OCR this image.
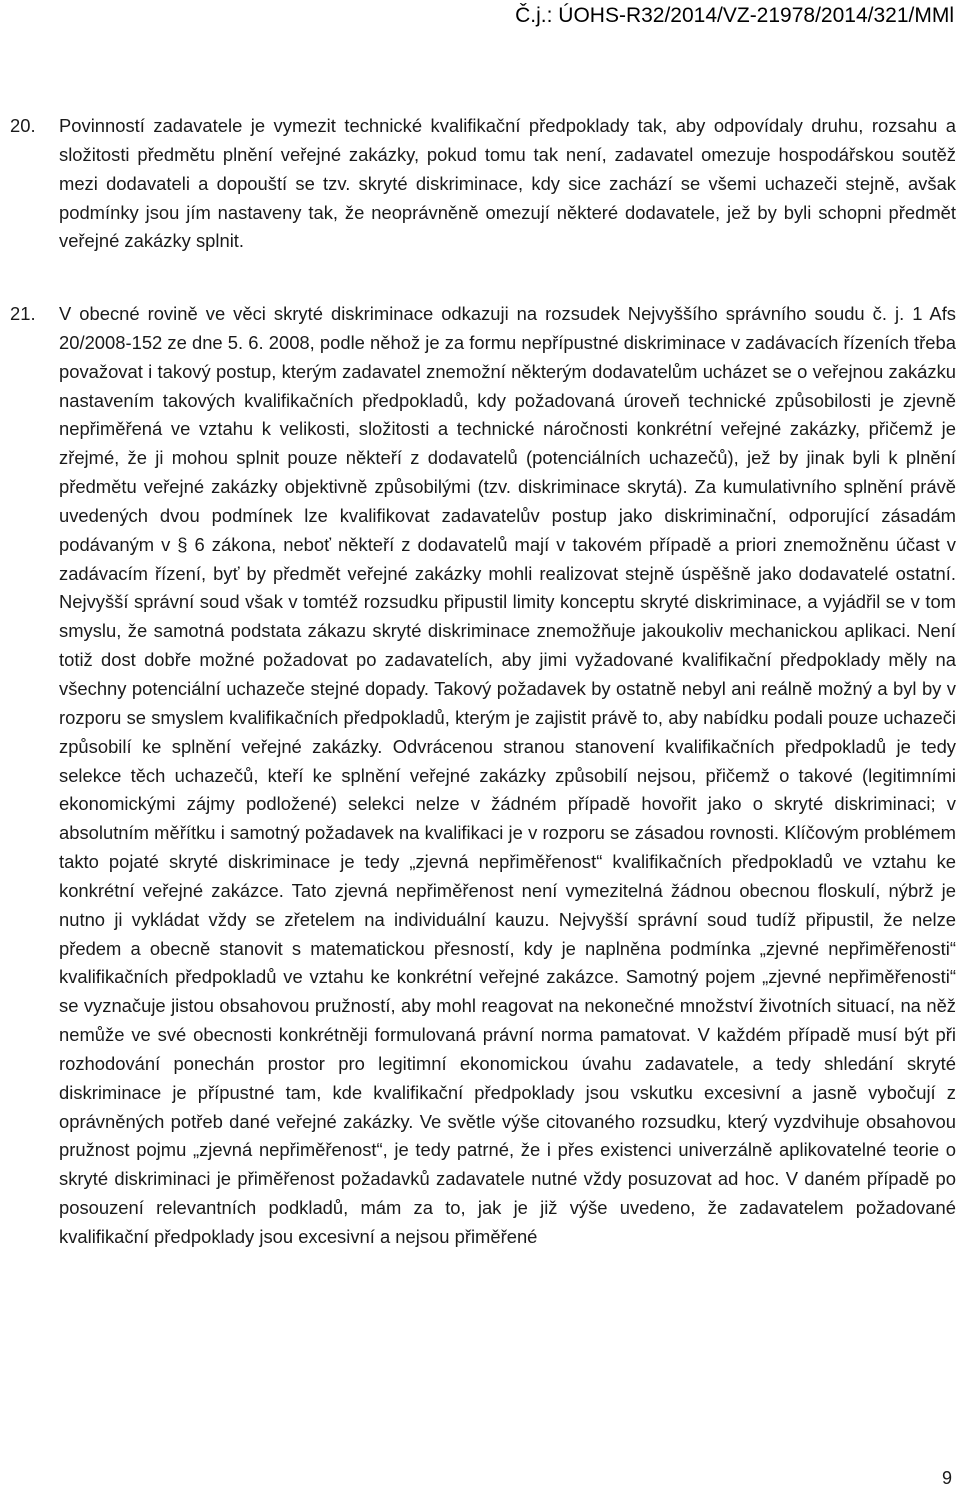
Č.j.: ÚOHS-R32/2014/VZ-21978/2014/321/MMl
20. Povinností zadavatele je vymezit technické kvalifikační předpoklady tak, aby odpovídaly druhu, rozsahu a složitosti předmětu plnění veřejné zakázky, pokud tomu tak není, zadavatel omezuje hospodářskou soutěž mezi dodavateli a dopouští se tzv. skryté diskriminace, kdy sice zachází se všemi uchazeči stejně, avšak podmínky jsou jím nastaveny tak, že neoprávněně omezují některé dodavatele, jež by byli schopni předmět veřejné zakázky splnit.
21. V obecné rovině ve věci skryté diskriminace odkazuji na rozsudek Nejvyššího správního soudu č. j. 1 Afs 20/2008-152 ze dne 5. 6. 2008, podle něhož je za formu nepřípustné diskriminace v zadávacích řízeních třeba považovat i takový postup, kterým zadavatel znemožní některým dodavatelům ucházet se o veřejnou zakázku nastavením takových kvalifikačních předpokladů, kdy požadovaná úroveň technické způsobilosti je zjevně nepřiměřená ve vztahu k velikosti, složitosti a technické náročnosti konkrétní veřejné zakázky, přičemž je zřejmé, že ji mohou splnit pouze někteří z dodavatelů (potenciálních uchazečů), jež by jinak byli k plnění předmětu veřejné zakázky objektivně způsobilými (tzv. diskriminace skrytá). Za kumulativního splnění právě uvedených dvou podmínek lze kvalifikovat zadavatelův postup jako diskriminační, odporující zásadám podávaným v § 6 zákona, neboť někteří z dodavatelů mají v takovém případě a priori znemožněnu účast v zadávacím řízení, byť by předmět veřejné zakázky mohli realizovat stejně úspěšně jako dodavatelé ostatní. Nejvyšší správní soud však v tomtéž rozsudku připustil limity konceptu skryté diskriminace, a vyjádřil se v tom smyslu, že samotná podstata zákazu skryté diskriminace znemožňuje jakoukoliv mechanickou aplikaci. Není totiž dost dobře možné požadovat po zadavatelích, aby jimi vyžadované kvalifikační předpoklady měly na všechny potenciální uchazeče stejné dopady. Takový požadavek by ostatně nebyl ani reálně možný a byl by v rozporu se smyslem kvalifikačních předpokladů, kterým je zajistit právě to, aby nabídku podali pouze uchazeči způsobilí ke splnění veřejné zakázky. Odvrácenou stranou stanovení kvalifikačních předpokladů je tedy selekce těch uchazečů, kteří ke splnění veřejné zakázky způsobilí nejsou, přičemž o takové (legitimními ekonomickými zájmy podložené) selekci nelze v žádném případě hovořit jako o skryté diskriminaci; v absolutním měřítku i samotný požadavek na kvalifikaci je v rozporu se zásadou rovnosti. Klíčovým problémem takto pojaté skryté diskriminace je tedy „zjevná nepřiměřenost“ kvalifikačních předpokladů ve vztahu ke konkrétní veřejné zakázce. Tato zjevná nepřiměřenost není vymezitelná žádnou obecnou floskulí, nýbrž je nutno ji vykládat vždy se zřetelem na individuální kauzu. Nejvyšší správní soud tudíž připustil, že nelze předem a obecně stanovit s matematickou přesností, kdy je naplněna podmínka „zjevné nepřiměřenosti“ kvalifikačních předpokladů ve vztahu ke konkrétní veřejné zakázce. Samotný pojem „zjevné nepřiměřenosti“ se vyznačuje jistou obsahovou pružností, aby mohl reagovat na nekonečné množství životních situací, na něž nemůže ve své obecnosti konkrétněji formulovaná právní norma pamatovat. V každém případě musí být při rozhodování ponechán prostor pro legitimní ekonomickou úvahu zadavatele, a tedy shledání skryté diskriminace je přípustné tam, kde kvalifikační předpoklady jsou vskutku excesivní a jasně vybočují z oprávněných potřeb dané veřejné zakázky. Ve světle výše citovaného rozsudku, který vyzdvihuje obsahovou pružnost pojmu „zjevná nepřiměřenost“, je tedy patrné, že i přes existenci univerzálně aplikovatelné teorie o skryté diskriminaci je přiměřenost požadavků zadavatele nutné vždy posuzovat ad hoc. V daném případě po posouzení relevantních podkladů, mám za to, jak je již výše uvedeno, že zadavatelem požadované kvalifikační předpoklady jsou excesivní a nejsou přiměřené
9
